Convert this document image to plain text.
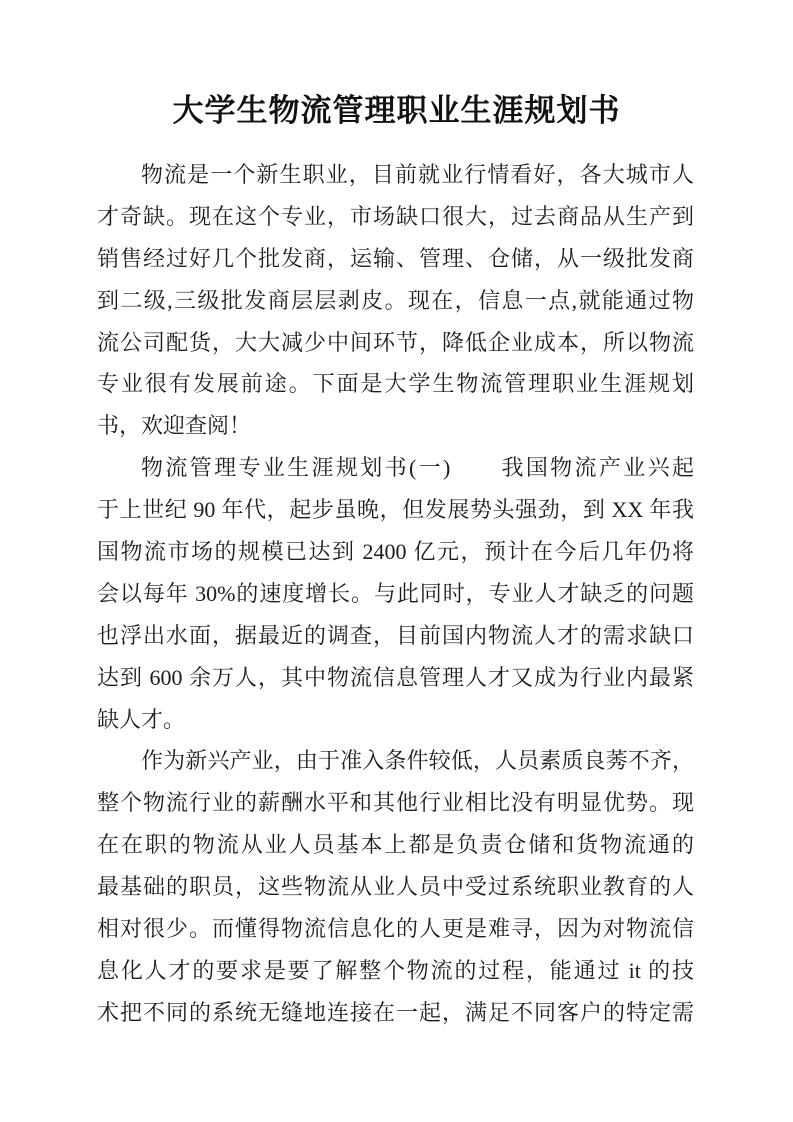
大学生物流管理职业生涯规划书
物流是一个新生职业，目前就业行情看好，各大城市人
才奇缺。现在这个专业，市场缺口很大，过去商品从生产到
销售经过好几个批发商，运输、管理、仓储，从一级批发商
到二级,三级批发商层层剥皮。现在，信息一点,就能通过物
流公司配货，大大减少中间环节，降低企业成本，所以物流
专业很有发展前途。下面是大学生物流管理职业生涯规划
书，欢迎查阅！
物流管理专业生涯规划书(一)　　我国物流产业兴起
于上世纪 90 年代，起步虽晚，但发展势头强劲，到 XX 年我
国物流市场的规模已达到 2400 亿元，预计在今后几年仍将
会以每年 30%的速度增长。与此同时，专业人才缺乏的问题
也浮出水面，据最近的调查，目前国内物流人才的需求缺口
达到 600 余万人，其中物流信息管理人才又成为行业内最紧
缺人才。
作为新兴产业，由于准入条件较低，人员素质良莠不齐，
整个物流行业的薪酬水平和其他行业相比没有明显优势。现
在在职的物流从业人员基本上都是负责仓储和货物流通的
最基础的职员，这些物流从业人员中受过系统职业教育的人
相对很少。而懂得物流信息化的人更是难寻，因为对物流信
息化人才的要求是要了解整个物流的过程，能通过 it 的技
术把不同的系统无缝地连接在一起，满足不同客户的特定需
